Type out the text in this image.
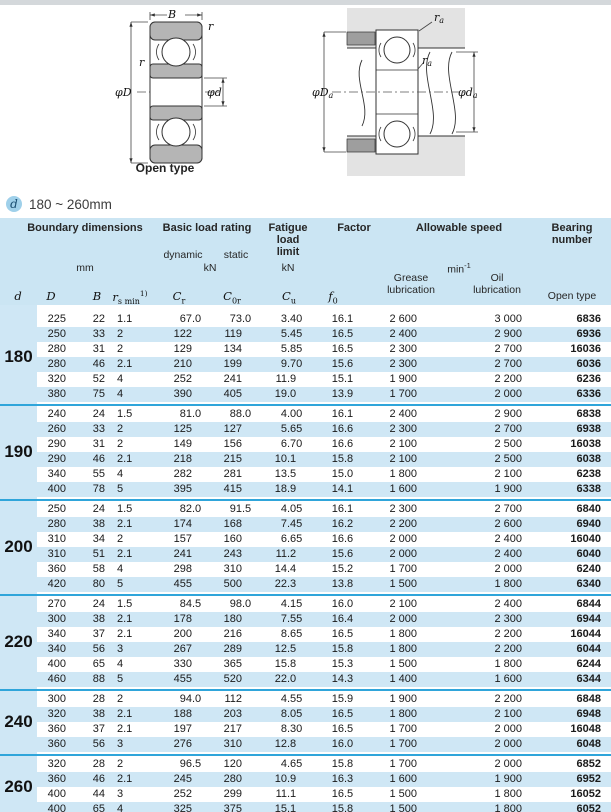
B
r
r
φD	φd
Open type
φDa	φda
ra
ra
d 180 ~ 260mm
Boundary dimensions
mm
Basic load rating
dynamic static
kN
Fatigue
load
limit
kN
Factor	Allowable speed
$\min^{-1}$
Grease
lubrication
Oil
lubrication
Bearing
number
Open type
d D	B $r_{s min}^{1)}$ $C_r$	$C_{0r}$	$C_u$	$f_0$
180
225	22	1.1	67 .0	73 .0	3 .40	16 .1	2 600	3 000	6836
250	33	2	122	119	5 .45	16 .5	2 400	2 900	6936
280	31	2	129	134	5 .85	16 .5	2 300	2 700	16036
280	46	2.1	210	199	9 .70	15 .6	2 300	2 700	6036
320	52	4	252	241	11 .9	15 .1	1 900	2 200	6236
380	75	4	390	405	19 .0	13 .9	1 700	2 000	6336
190
240	24	1.5	81 .0	88 .0	4 .00	16 .1	2 400	2 900	6838
260	33	2	125	127	5 .65	16 .6	2 300	2 700	6938
290	31	2	149	156	6 .70	16 .6	2 100	2 500	16038
290	46	2.1	218	215	10 .1	15 .8	2 100	2 500	6038
340	55	4	282	281	13 .5	15 .0	1 800	2 100	6238
400	78	5	395	415	18 .9	14 .1	1 600	1 900	6338
200
250	24	1.5	82 .0	91 .5	4 .05	16 .1	2 300	2 700	6840
280	38	2.1	174	168	7 .45	16 .2	2 200	2 600	6940
310	34	2	157	160	6 .65	16 .6	2 000	2 400	16040
310	51	2.1	241	243	11 .2	15 .6	2 000	2 400	6040
360	58	4	298	310	14 .4	15 .2	1 700	2 000	6240
420	80	5	455	500	22 .3	13 .8	1 500	1 800	6340
220
270	24	1.5	84 .5	98 .0	4 .15	16 .0	2 100	2 400	6844
300	38	2.1	178	180	7 .55	16 .4	2 000	2 300	6944
340	37	2.1	200	216	8 .65	16 .5	1 800	2 200	16044
340	56	3	267	289	12 .5	15 .8	1 800	2 200	6044
400	65	4	330	365	15 .8	15 .3	1 500	1 800	6244
460	88	5	455	520	22 .0	14 .3	1 400	1 600	6344
240
300	28	2	94 .0	112	4 .55	15 .9	1 900	2 200	6848
320	38	2.1	188	203	8 .05	16 .5	1 800	2 100	6948
360	37	2.1	197	217	8 .30	16 .5	1 700	2 000	16048
360	56	3	276	310	12 .8	16 .0	1 700	2 000	6048
260
320	28	2	96 .5	120	4 .65	15 .8	1 700	2 000	6852
360	46	2.1	245	280	10 .9	16 .3	1 600	1 900	6952
400	44	3	252	299	11 .1	16 .5	1 500	1 800	16052
400	65	4	325	375	15 .1	15 .8	1 500	1 800	6052
